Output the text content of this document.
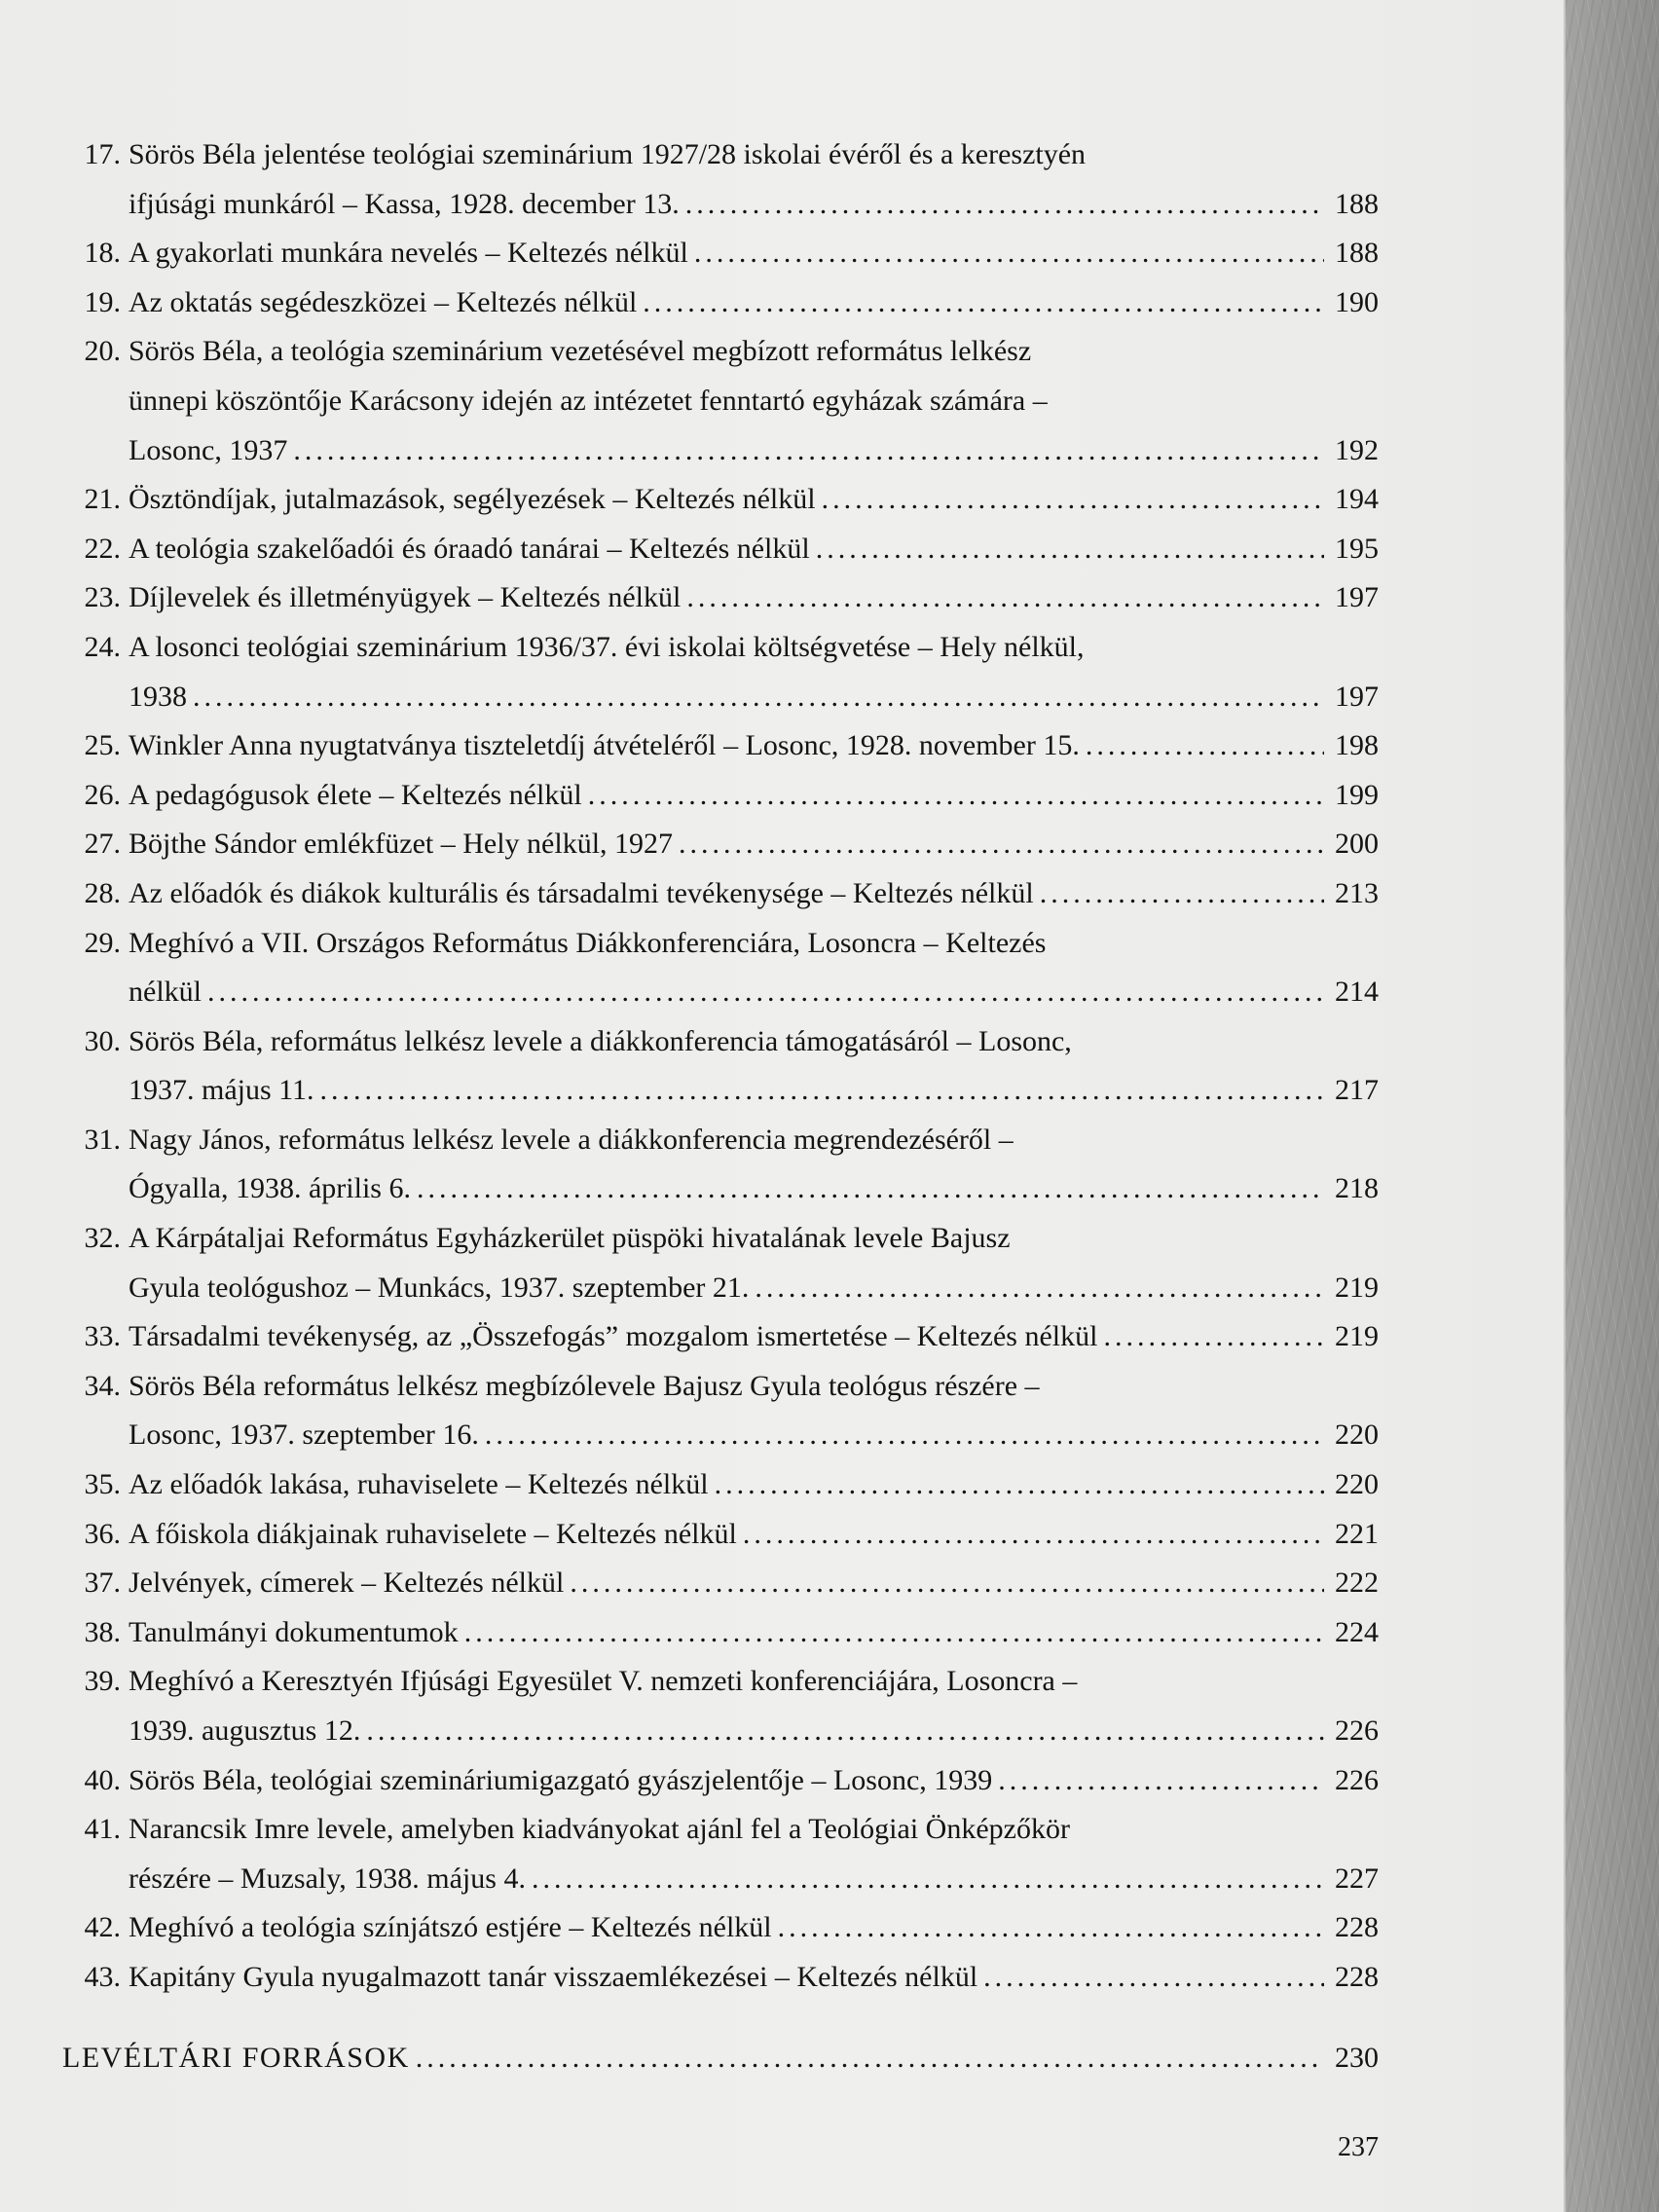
17. Sörös Béla jelentése teológiai szeminárium 1927/28 iskolai évéről és a keresztyén
ifjúsági munkáról – Kassa, 1928. december 13. .....	188
18. A gyakorlati munkára nevelés – Keltezés nélkül .....	188
19. Az oktatás segédeszközei – Keltezés nélkül .....	190
20. Sörös Béla, a teológia szeminárium vezetésével megbízott református lelkész
ünnepi köszöntője Karácsony idején az intézetet fenntartó egyházak számára –
Losonc, 1937 .....	192
21. Ösztöndíjak, jutalmazások, segélyezések – Keltezés nélkül .....	194
22. A teológia szakelőadói és óraadó tanárai – Keltezés nélkül .....	195
23. Díjlevelek és illetményügyek – Keltezés nélkül .....	197
24. A losonci teológiai szeminárium 1936/37. évi iskolai költségvetése – Hely nélkül,
1938 .....	197
25. Winkler Anna nyugtatványa tiszteletdíj átvételéről – Losonc, 1928. november 15. .....	198
26. A pedagógusok élete – Keltezés nélkül .....	199
27. Böjthe Sándor emlékfüzet – Hely nélkül, 1927 .....	200
28. Az előadók és diákok kulturális és társadalmi tevékenysége – Keltezés nélkül .....	213
29. Meghívó a VII. Országos Református Diákkonferenciára, Losoncra – Keltezés
nélkül .....	214
30. Sörös Béla, református lelkész levele a diákkonferencia támogatásáról – Losonc,
1937. május 11. .....	217
31. Nagy János, református lelkész levele a diákkonferencia megrendezéséről –
Ógyalla, 1938. április 6. .....	218
32. A Kárpátaljai Református Egyházkerület püspöki hivatalának levele Bajusz
Gyula teológushoz – Munkács, 1937. szeptember 21. .....	219
33. Társadalmi tevékenység, az „Összefogás” mozgalom ismertetése – Keltezés nélkül .....	219
34. Sörös Béla református lelkész megbízólevele Bajusz Gyula teológus részére –
Losonc, 1937. szeptember 16. .....	220
35. Az előadók lakása, ruhaviselete – Keltezés nélkül .....	220
36. A főiskola diákjainak ruhaviselete – Keltezés nélkül .....	221
37. Jelvények, címerek – Keltezés nélkül .....	222
38. Tanulmányi dokumentumok .....	224
39. Meghívó a Keresztyén Ifjúsági Egyesület V. nemzeti konferenciájára, Losoncra –
1939. augusztus 12. .....	226
40. Sörös Béla, teológiai szemináriumigazgató gyászjelentője – Losonc, 1939 .....	226
41. Narancsik Imre levele, amelyben kiadványokat ajánl fel a Teológiai Önképzőkör
részére – Muzsaly, 1938. május 4. .....	227
42. Meghívó a teológia színjátszó estjére – Keltezés nélkül .....	228
43. Kapitány Gyula nyugalmazott tanár visszaemlékezései – Keltezés nélkül .....	228
LEVÉLTÁRI FORRÁSOK .....	230
237
